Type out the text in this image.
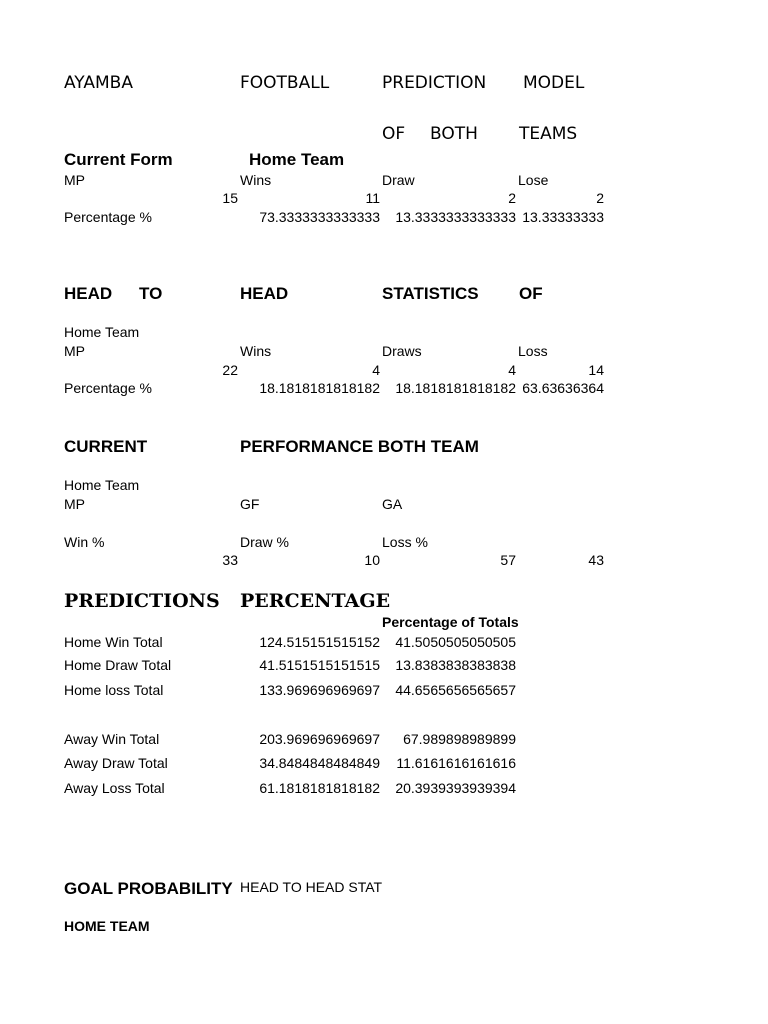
AYAMBA	FOOTBALL	PREDICTION MODEL
OF BOTH TEAMS
Current Form	Home Team
MP	Wins	Draw	Lose
15	11	2	2
Percentage %	73.3333333333333 13.3333333333333 13.33333333
HEAD TO	HEAD	STATISTICS OF
Home Team
MP	Wins	Draws	Loss
22	4	4	14
Percentage %	18.1818181818182 18.1818181818182 63.63636364
CURRENT	PERFORMANCE BOTH TEAM
Home Team
MP	GF	GA
Win %	Draw %	Loss %
33	10	57	43
PREDICTIONS PERCENTAGE
Percentage of Totals
Home Win Total	124.515151515152 41.5050505050505
Home Draw Total	41.5151515151515 13.8383838383838
Home loss Total	133.969696969697 44.6565656565657
Away Win Total	203.969696969697 67.989898989899
Away Draw Total	34.8484848484849 11.6161616161616
Away Loss Total	61.1818181818182 20.3939393939394
GOAL PROBABILITY HEAD TO HEAD STAT
HOME TEAM
